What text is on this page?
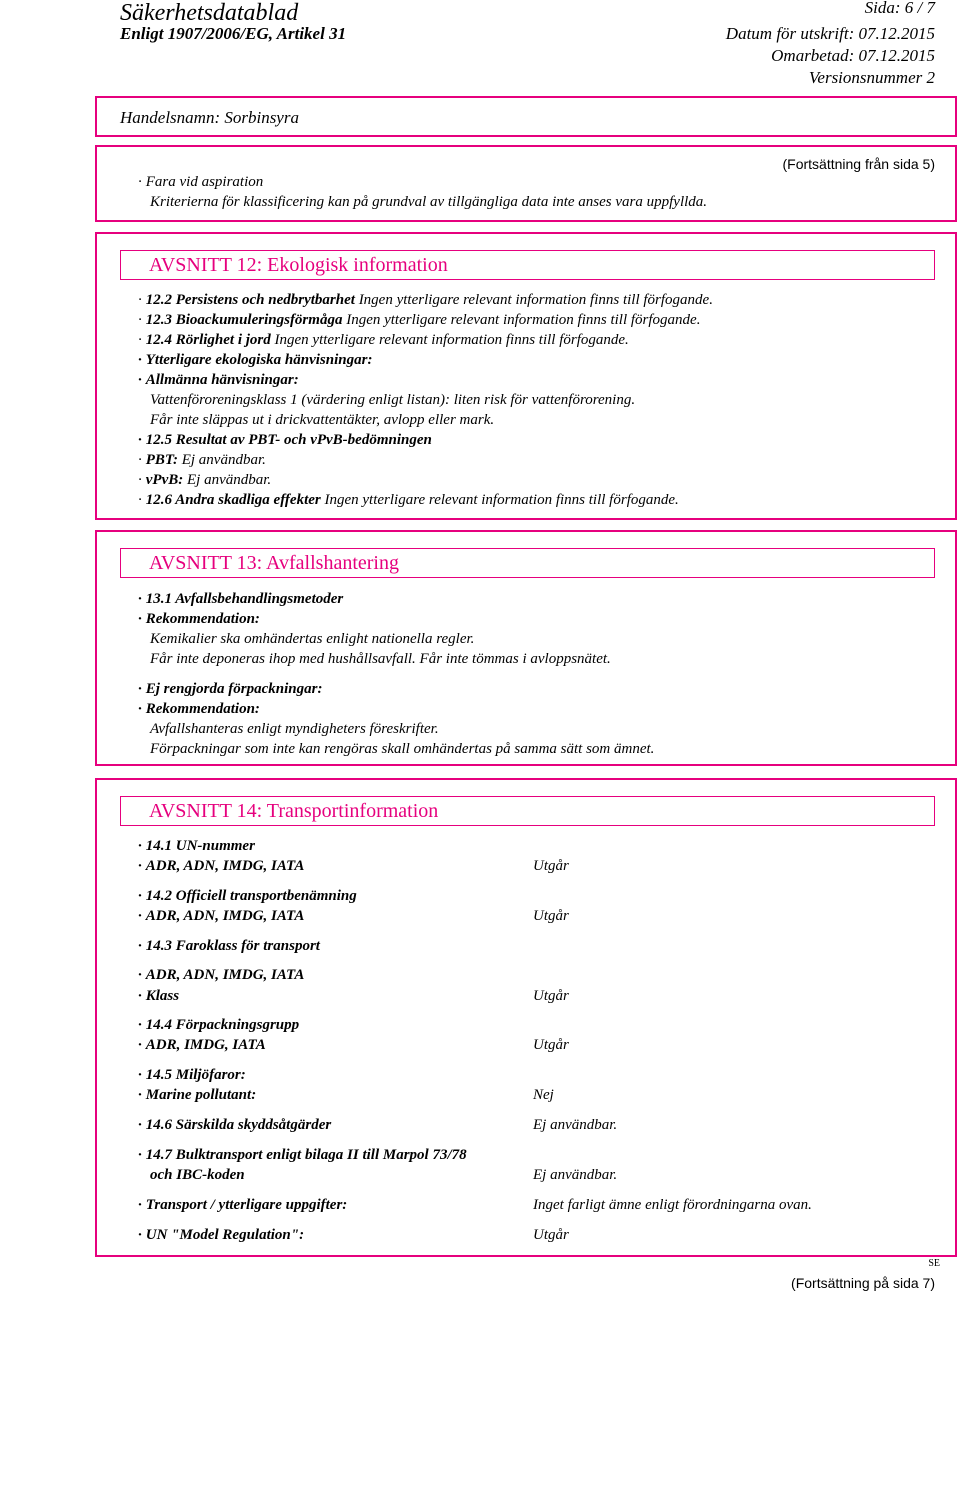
Säkerhetsdatablad
Enligt 1907/2006/EG, Artikel 31
Sida: 6 / 7
Datum för utskrift: 07.12.2015
Omarbetad: 07.12.2015
Versionsnummer 2
Handelsnamn: Sorbinsyra
(Fortsättning från sida 5)
· Fara vid aspiration
Kriterierna för klassificering kan på grundval av tillgängliga data inte anses vara uppfyllda.
AVSNITT 12: Ekologisk information
· 12.2 Persistens och nedbrytbarhet Ingen ytterligare relevant information finns till förfogande.
· 12.3 Bioackumuleringsförmåga Ingen ytterligare relevant information finns till förfogande.
· 12.4 Rörlighet i jord Ingen ytterligare relevant information finns till förfogande.
· Ytterligare ekologiska hänvisningar:
· Allmänna hänvisningar:
Vattenföroreningsklass 1 (värdering enligt listan): liten risk för vattenförorening.
Får inte släppas ut i drickvattentäkter, avlopp eller mark.
· 12.5 Resultat av PBT- och vPvB-bedömningen
· PBT: Ej användbar.
· vPvB: Ej användbar.
· 12.6 Andra skadliga effekter Ingen ytterligare relevant information finns till förfogande.
AVSNITT 13: Avfallshantering
· 13.1 Avfallsbehandlingsmetoder
· Rekommendation:
Kemikalier ska omhändertas enlight nationella regler.
Får inte deponeras ihop med hushållsavfall. Får inte tömmas i avloppsnätet.
· Ej rengjorda förpackningar:
· Rekommendation:
Avfallshanteras enligt myndigheters föreskrifter.
Förpackningar som inte kan rengöras skall omhändertas på samma sätt som ämnet.
AVSNITT 14: Transportinformation
· 14.1 UN-nummer
· ADR, ADN, IMDG, IATA	Utgår
· 14.2 Officiell transportbenämning
· ADR, ADN, IMDG, IATA	Utgår
· 14.3 Faroklass för transport
· ADR, ADN, IMDG, IATA
· Klass	Utgår
· 14.4 Förpackningsgrupp
· ADR, IMDG, IATA	Utgår
· 14.5 Miljöfaror:
· Marine pollutant:	Nej
· 14.6 Särskilda skyddsåtgärder	Ej användbar.
· 14.7 Bulktransport enligt bilaga II till Marpol 73/78
och IBC-koden	Ej användbar.
· Transport / ytterligare uppgifter:	Inget farligt ämne enligt förordningarna ovan.
· UN "Model Regulation":	Utgår
SE
(Fortsättning på sida 7)
